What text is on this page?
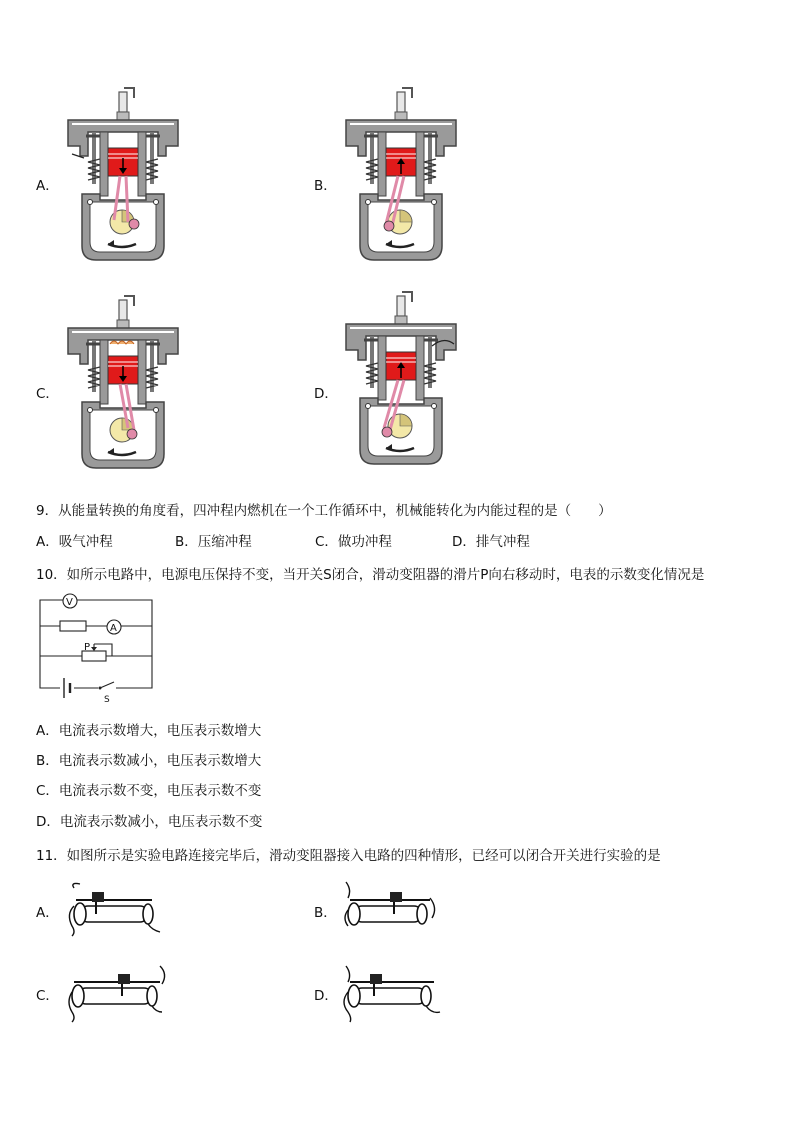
A．	B．
C．	D．
9．从能量转换的角度看，四冲程内燃机在一个工作循环中，机械能转化为内能过程的是（　　）
A．吸气冲程	B．压缩冲程	C．做功冲程	D．排气冲程
10．如所示电路中，电源电压保持不变，当开关S闭合，滑动变阻器的滑片P向右移动时，电表的示数变化情况是
V
A
P
S
A．电流表示数增大，电压表示数增大
B．电流表示数减小，电压表示数增大
C．电流表示数不变，电压表示数不变
D．电流表示数减小，电压表示数不变
11．如图所示是实验电路连接完毕后，滑动变阻器接入电路的四种情形，已经可以闭合开关进行实验的是
A．	B．
C．	D．
